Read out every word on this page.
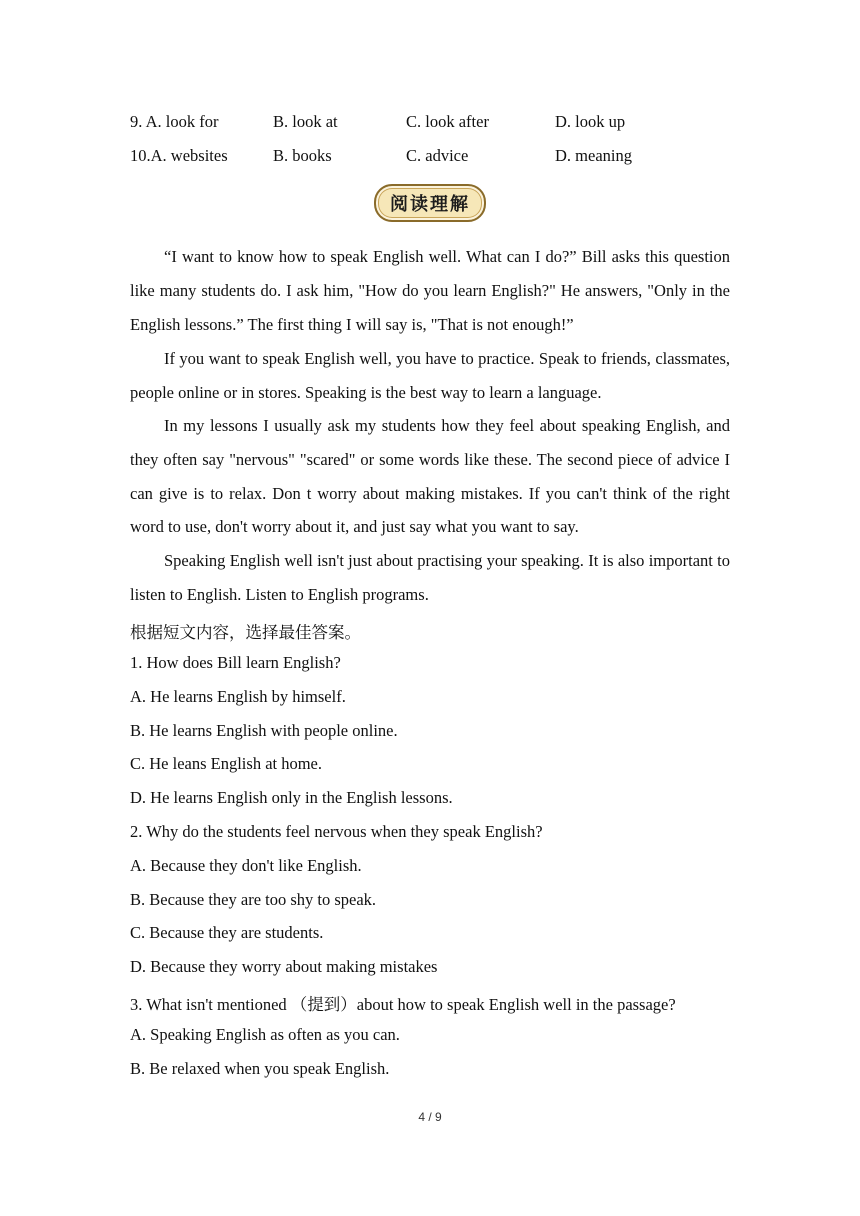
9. A. look for	B. look at	C. look after	D. look up
10.A. websites	B. books	C. advice	D. meaning
阅读理解

“I want to know how to speak English well. What can I do?” Bill asks this question like many students do. I ask him, "How do you learn English?" He answers, "Only in the English lessons.” The first thing I will say is, "That is not enough!”

If you want to speak English well, you have to practice. Speak to friends, classmates, people online or in stores. Speaking is the best way to learn a language.

In my lessons I usually ask my students how they feel about speaking English, and they often say "nervous" "scared" or some words like these. The second piece of advice I can give is to relax. Don t worry about making mistakes. If you can't think of the right word to use, don't worry about it, and just say what you want to say.

Speaking English well isn't just about practising your speaking. It is also important to listen to English. Listen to English programs.

根据短文内容，选择最佳答案。

1. How does Bill learn English?

A. He learns English by himself.

B. He learns English with people online.

C. He leans English at home.

D. He learns English only in the English lessons.

2. Why do the students feel nervous when they speak English?

A. Because they don't like English.

B. Because they are too shy to speak.

C. Because they are students.

D. Because they worry about making mistakes

3. What isn't mentioned （提到）about how to speak English well in the passage?

A. Speaking English as often as you can.

B. Be relaxed when you speak English.

4 / 9
